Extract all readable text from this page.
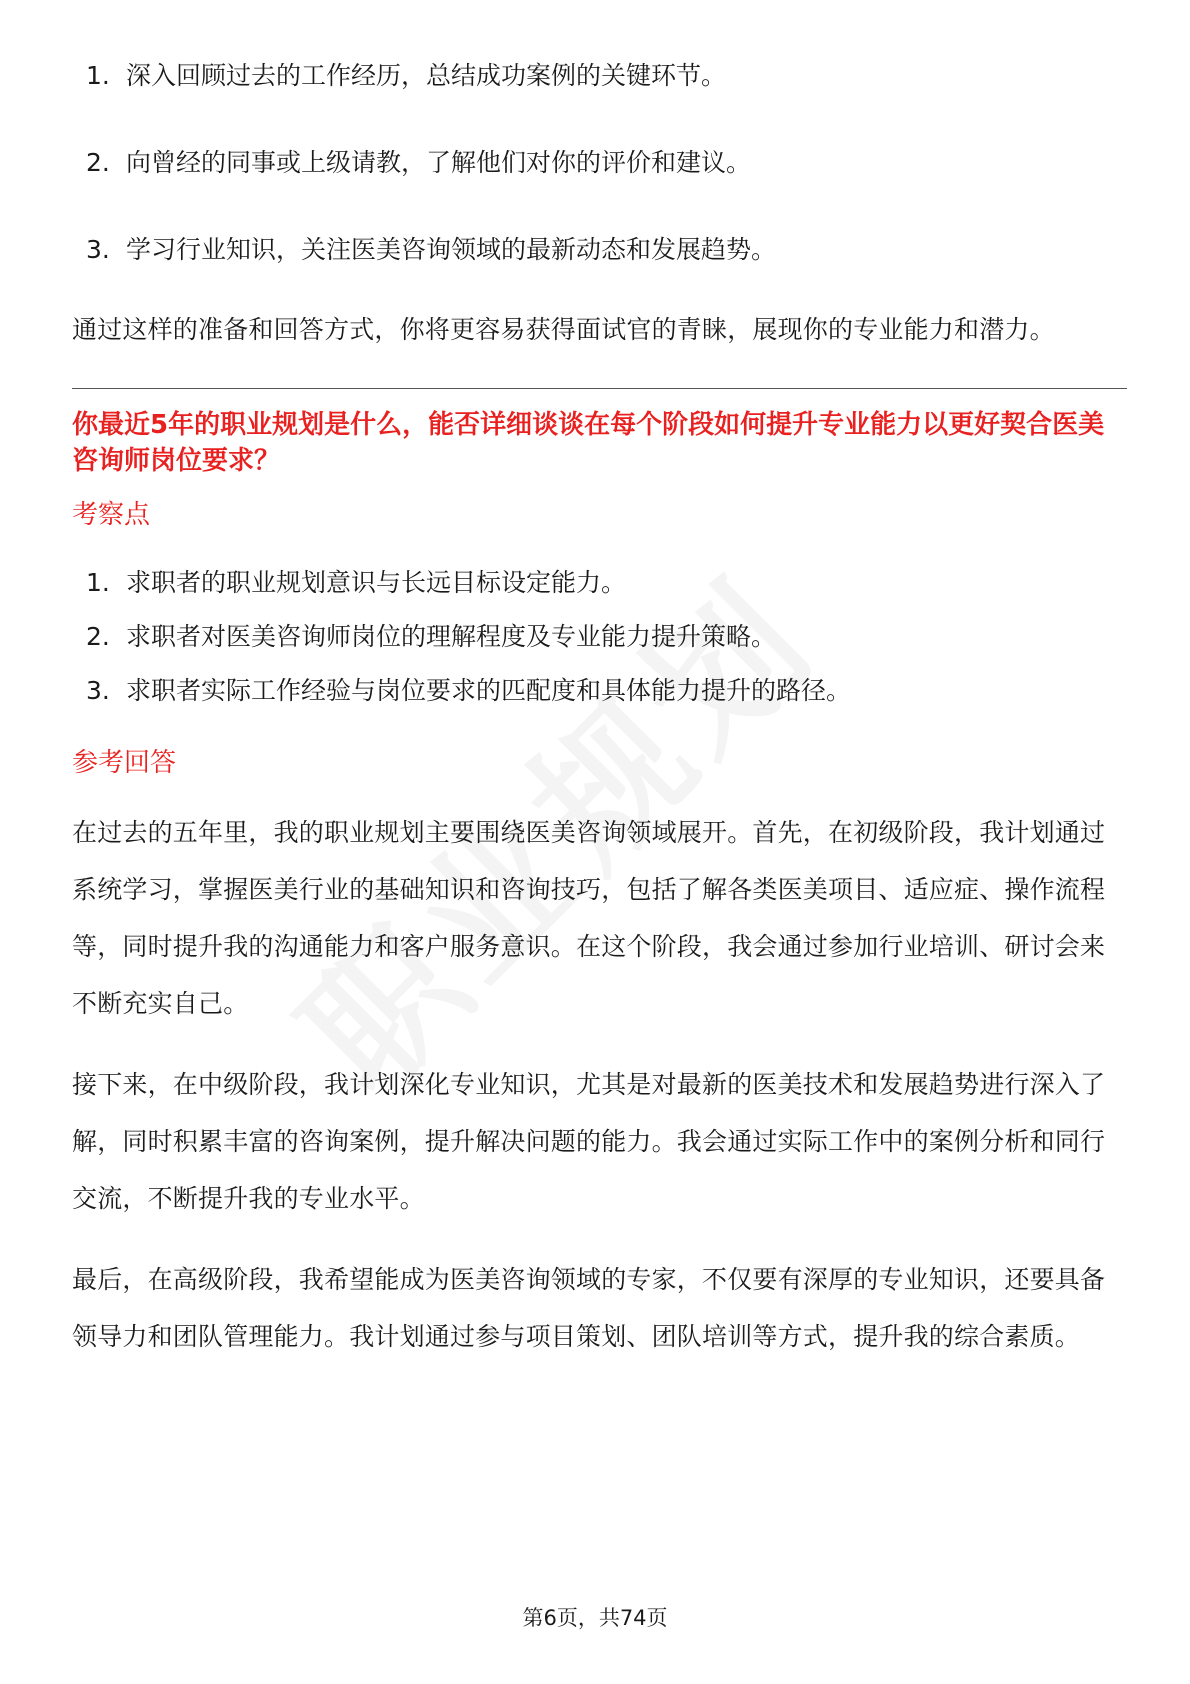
1. 深入回顾过去的工作经历，总结成功案例的关键环节。
2. 向曾经的同事或上级请教，了解他们对你的评价和建议。
3. 学习行业知识，关注医美咨询领域的最新动态和发展趋势。

通过这样的准备和回答方式，你将更容易获得面试官的青睐，展现你的专业能力和潜力。

你最近5年的职业规划是什么，能否详细谈谈在每个阶段如何提升专业能力以更好契合医美咨询师岗位要求？
考察点
1. 求职者的职业规划意识与长远目标设定能力。
2. 求职者对医美咨询师岗位的理解程度及专业能力提升策略。
3. 求职者实际工作经验与岗位要求的匹配度和具体能力提升的路径。
参考回答

在过去的五年里，我的职业规划主要围绕医美咨询领域展开。首先，在初级阶段，我计划通过系统学习，掌握医美行业的基础知识和咨询技巧，包括了解各类医美项目、适应症、操作流程等，同时提升我的沟通能力和客户服务意识。在这个阶段，我会通过参加行业培训、研讨会来不断充实自己。

接下来，在中级阶段，我计划深化专业知识，尤其是对最新的医美技术和发展趋势进行深入了解，同时积累丰富的咨询案例，提升解决问题的能力。我会通过实际工作中的案例分析和同行交流，不断提升我的专业水平。

最后，在高级阶段，我希望能成为医美咨询领域的专家，不仅要有深厚的专业知识，还要具备领导力和团队管理能力。我计划通过参与项目策划、团队培训等方式，提升我的综合素质。

第6页，共74页
